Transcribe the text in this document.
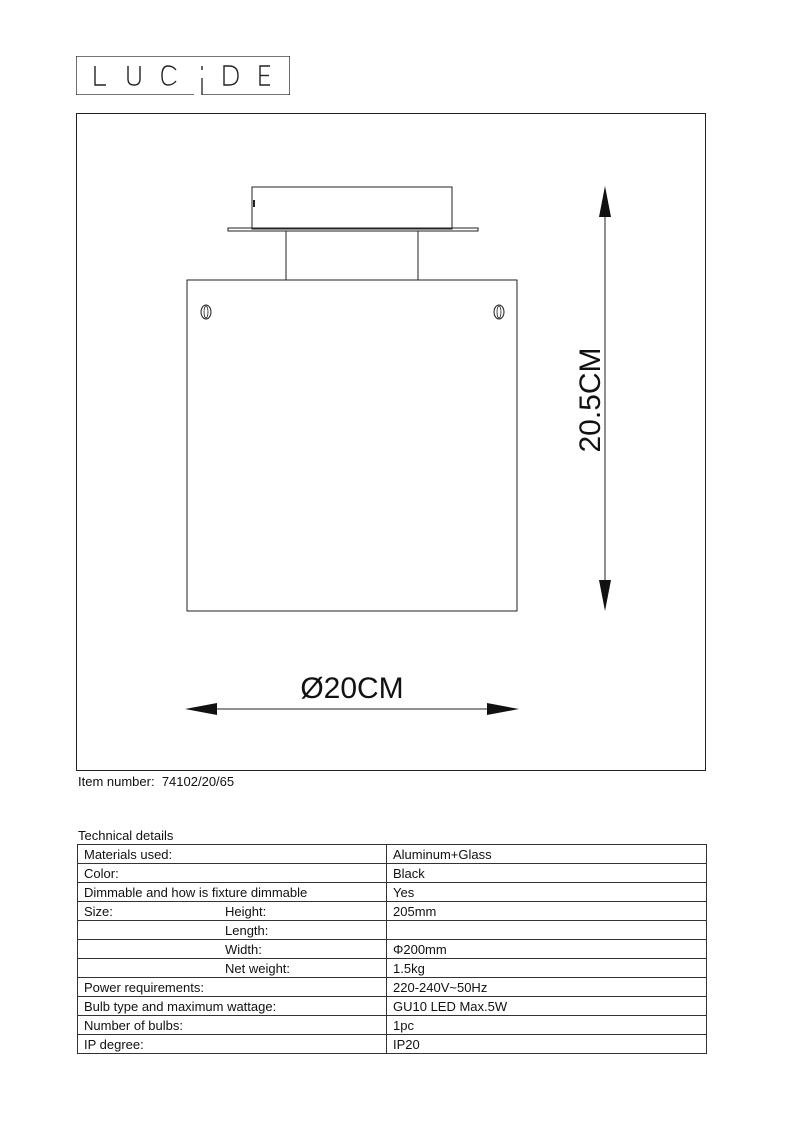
20.5CM
Ø20CM
Item number: 74102/20/65
Technical details
Materials used:		Aluminum+Glass
Color:		Black
Dimmable and how is fixture dimmable		Yes
Size:	Height:	205mm
	Length:	
	Width:	Φ200mm
	Net weight:	1.5kg
Power requirements:		220-240V~50Hz
Bulb type and maximum wattage:		GU10 LED Max.5W
Number of bulbs:		1pc
IP degree:		IP20
